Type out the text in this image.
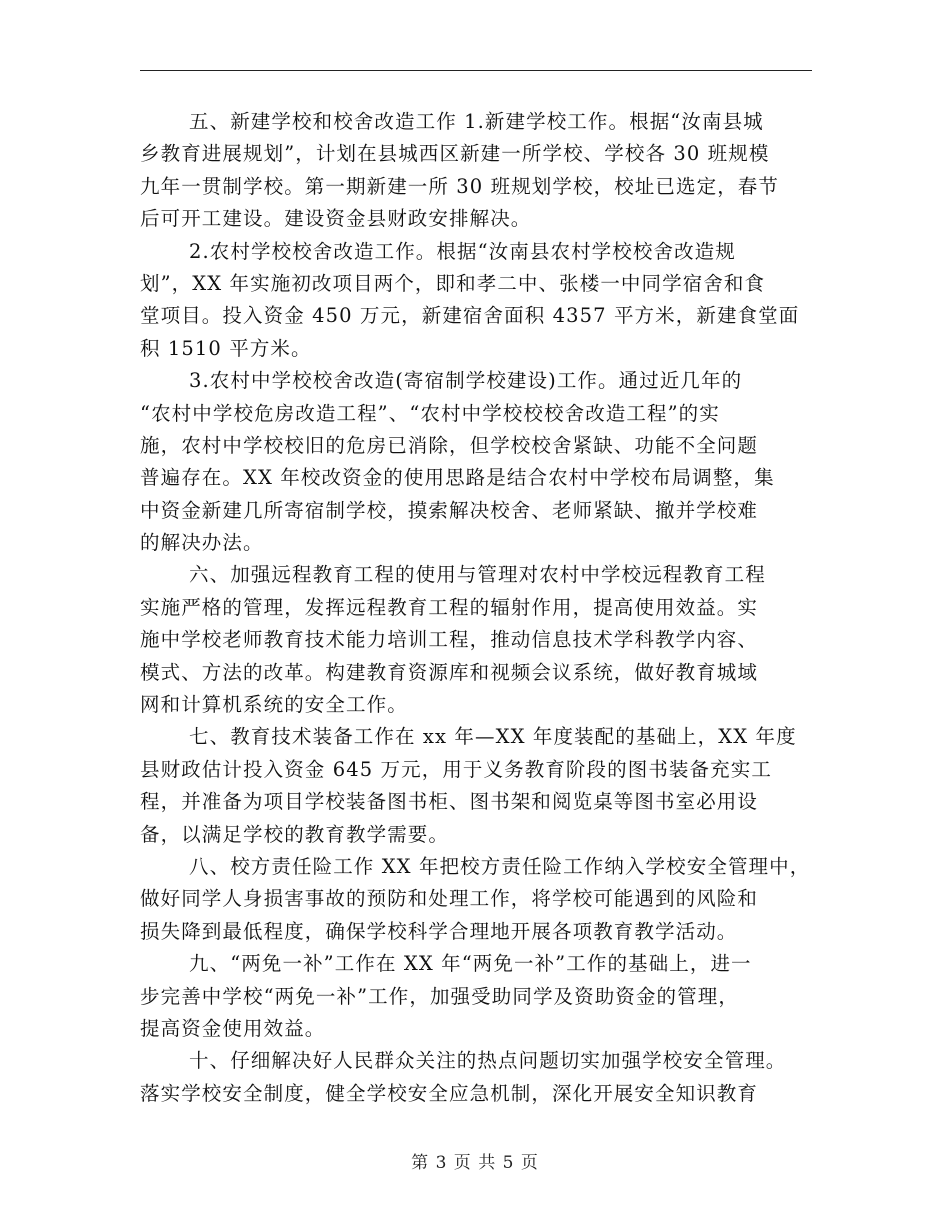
五、新建学校和校舍改造工作 1.新建学校工作。根据“汝南县城
乡教育进展规划”，计划在县城西区新建一所学校、学校各 30 班规模
九年一贯制学校。第一期新建一所 30 班规划学校，校址已选定，春节
后可开工建设。建设资金县财政安排解决。
2.农村学校校舍改造工作。根据“汝南县农村学校校舍改造规
划”，XX 年实施初改项目两个，即和孝二中、张楼一中同学宿舍和食
堂项目。投入资金 450 万元，新建宿舍面积 4357 平方米，新建食堂面
积 1510 平方米。
3.农村中学校校舍改造(寄宿制学校建设)工作。通过近几年的
“农村中学校危房改造工程”、“农村中学校校校舍改造工程”的实
施，农村中学校校旧的危房已消除，但学校校舍紧缺、功能不全问题
普遍存在。XX 年校改资金的使用思路是结合农村中学校布局调整，集
中资金新建几所寄宿制学校，摸索解决校舍、老师紧缺、撤并学校难
的解决办法。
六、加强远程教育工程的使用与管理对农村中学校远程教育工程
实施严格的管理，发挥远程教育工程的辐射作用，提高使用效益。实
施中学校老师教育技术能力培训工程，推动信息技术学科教学内容、
模式、方法的改革。构建教育资源库和视频会议系统，做好教育城域
网和计算机系统的安全工作。
七、教育技术装备工作在 xx 年—XX 年度装配的基础上，XX 年度
县财政估计投入资金 645 万元，用于义务教育阶段的图书装备充实工
程，并准备为项目学校装备图书柜、图书架和阅览桌等图书室必用设
备，以满足学校的教育教学需要。
八、校方责任险工作 XX 年把校方责任险工作纳入学校安全管理中，
做好同学人身损害事故的预防和处理工作，将学校可能遇到的风险和
损失降到最低程度，确保学校科学合理地开展各项教育教学活动。
九、“两免一补”工作在 XX 年“两免一补”工作的基础上，进一
步完善中学校“两免一补”工作，加强受助同学及资助资金的管理，
提高资金使用效益。
十、仔细解决好人民群众关注的热点问题切实加强学校安全管理。
落实学校安全制度，健全学校安全应急机制，深化开展安全知识教育
第 3 页 共 5 页
